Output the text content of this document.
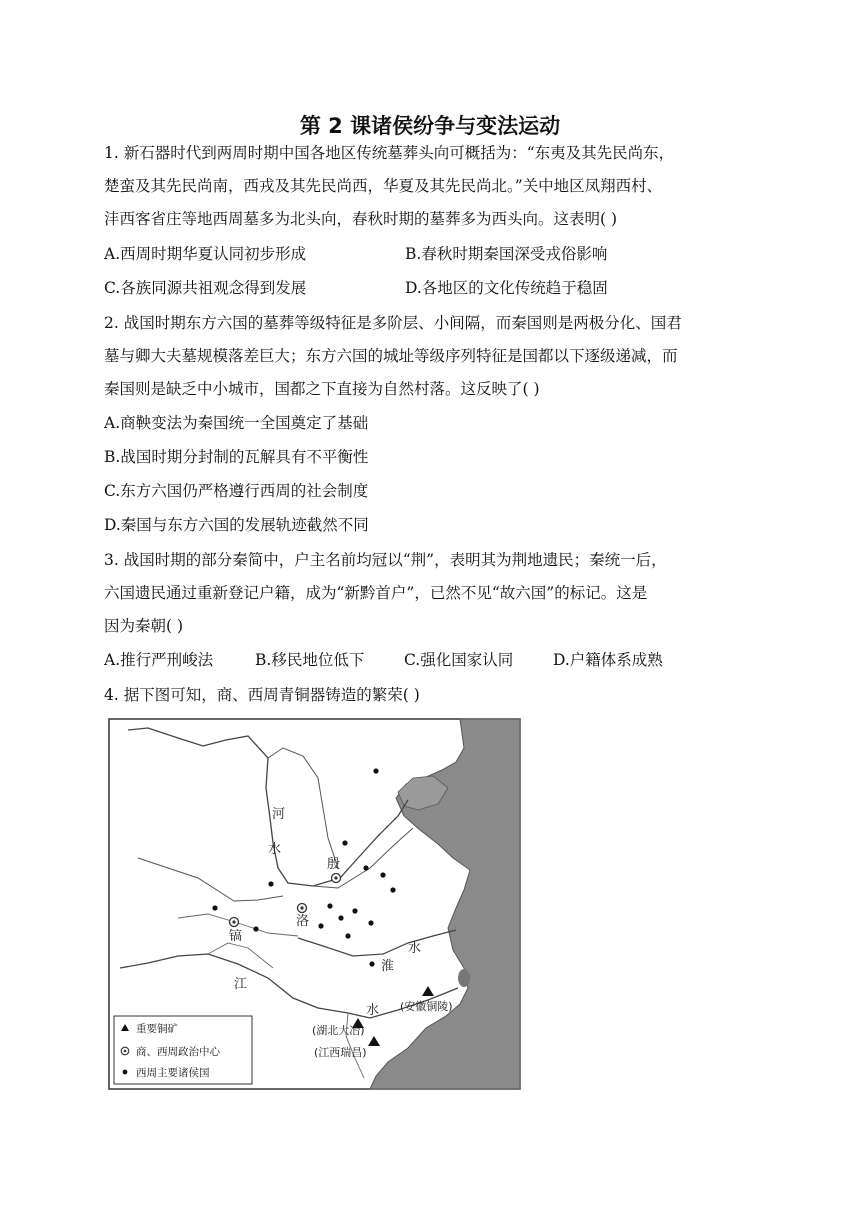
第 2 课诸侯纷争与变法运动
1. 新石器时代到两周时期中国各地区传统墓葬头向可概括为：“东夷及其先民尚东，
楚蛮及其先民尚南，西戎及其先民尚西，华夏及其先民尚北。”关中地区凤翔西村、
沣西客省庄等地西周墓多为北头向，春秋时期的墓葬多为西头向。这表明( )
A.西周时期华夏认同初步形成	B.春秋时期秦国深受戎俗影响
C.各族同源共祖观念得到发展	D.各地区的文化传统趋于稳固
2. 战国时期东方六国的墓葬等级特征是多阶层、小间隔，而秦国则是两极分化、国君
墓与卿大夫墓规模落差巨大；东方六国的城址等级序列特征是国都以下逐级递减，而
秦国则是缺乏中小城市，国都之下直接为自然村落。这反映了( )
A.商鞅变法为秦国统一全国奠定了基础
B.战国时期分封制的瓦解具有不平衡性
C.东方六国仍严格遵行西周的社会制度
D.秦国与东方六国的发展轨迹截然不同
3. 战国时期的部分秦简中，户主名前均冠以“荆”，表明其为荆地遗民；秦统一后，
六国遗民通过重新登记户籍，成为“新黔首户”，已然不见“故六国”的标记。这是
因为秦朝( )
A.推行严刑峻法	B.移民地位低下	C.强化国家认同	D.户籍体系成熟
4. 据下图可知，商、西周青铜器铸造的繁荣( )
河
水
殷
洛
镐
水
淮
江
水 (安徽铜陵)
(湖北大冶)
(江西瑞昌)
重要铜矿
商、西周政治中心
西周主要诸侯国
